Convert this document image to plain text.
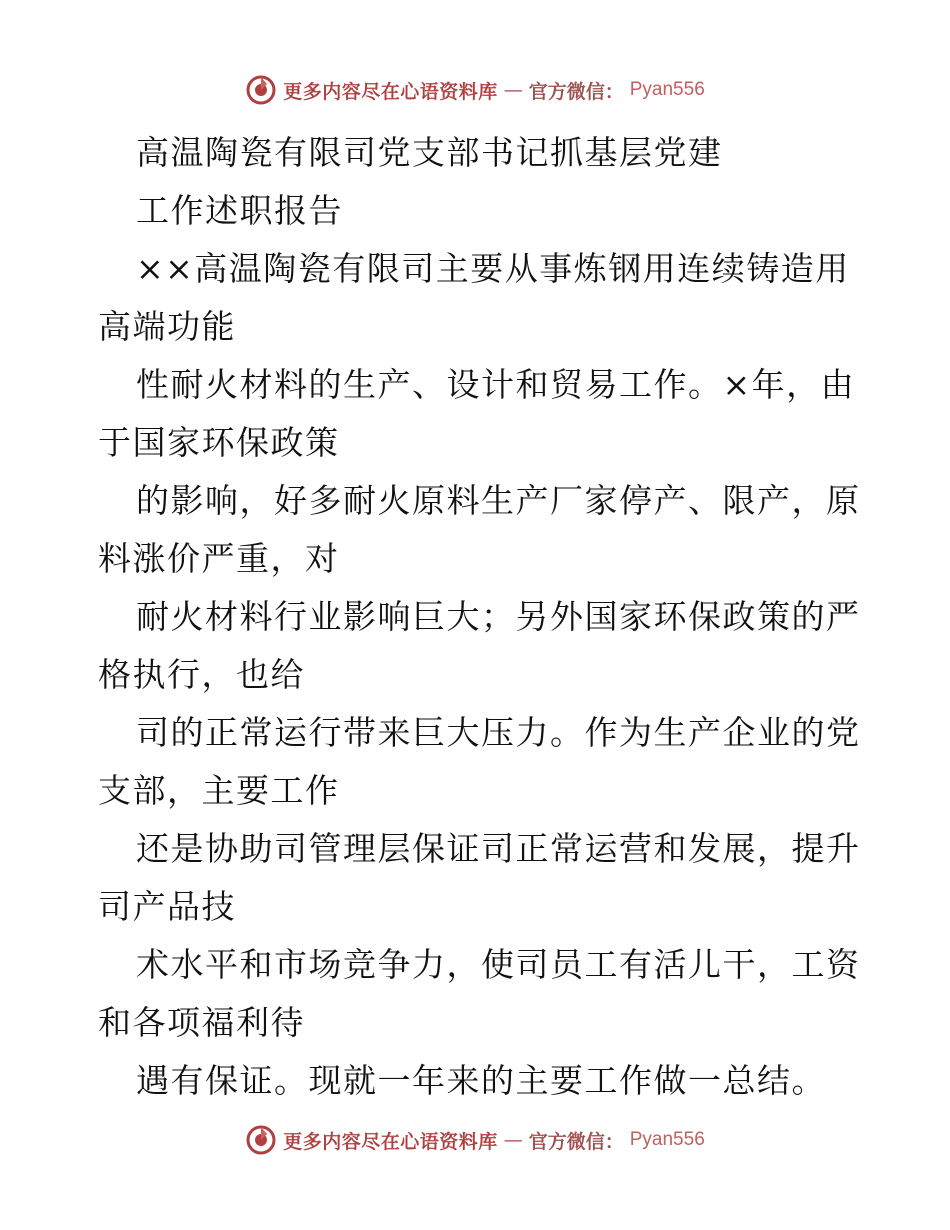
更多内容尽在心语资料库 — 官方微信： Pyan556
高温陶瓷有限司党支部书记抓基层党建
工作述职报告
××高温陶瓷有限司主要从事炼钢用连续铸造用
高端功能
性耐火材料的生产、设计和贸易工作。×年，由
于国家环保政策
的影响，好多耐火原料生产厂家停产、限产，原
料涨价严重，对
耐火材料行业影响巨大；另外国家环保政策的严
格执行，也给
司的正常运行带来巨大压力。作为生产企业的党
支部，主要工作
还是协助司管理层保证司正常运营和发展，提升
司产品技
术水平和市场竞争力，使司员工有活儿干，工资
和各项福利待
遇有保证。现就一年来的主要工作做一总结。
更多内容尽在心语资料库 — 官方微信： Pyan556
